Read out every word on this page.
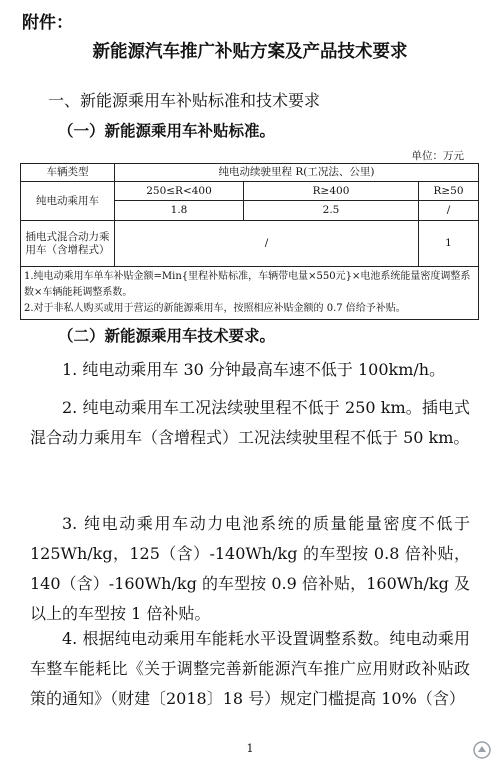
附件：
新能源汽车推广补贴方案及产品技术要求
一、新能源乘用车补贴标准和技术要求
（一）新能源乘用车补贴标准。
单位：万元
车辆类型	纯电动续驶里程 R(工况法、公里)		
纯电动乘用车	250≤R<400	R≥400	R≥50
	1.8	2.5	/
插电式混合动力乘用车（含增程式）	/		1

1.纯电动乘用车单车补贴金额=Min{里程补贴标准，车辆带电量×550元}×电池系统能量密度调整系数×车辆能耗调整系数。
2.对于非私人购买或用于营运的新能源乘用车，按照相应补贴金额的 0.7 倍给予补贴。			
（二）新能源乘用车技术要求。
1. 纯电动乘用车 30 分钟最高车速不低于 100km/h。
2. 纯电动乘用车工况法续驶里程不低于 250 km。插电式混合动力乘用车（含增程式）工况法续驶里程不低于 50 km。
3. 纯电动乘用车动力电池系统的质量能量密度不低于 125Wh/kg，125（含）-140Wh/kg 的车型按 0.8 倍补贴，140（含）-160Wh/kg 的车型按 0.9 倍补贴，160Wh/kg 及以上的车型按 1 倍补贴。
4. 根据纯电动乘用车能耗水平设置调整系数。纯电动乘用车整车能耗比《关于调整完善新能源汽车推广应用财政补贴政策的通知》（财建〔2018〕18 号）规定门槛提高 10%（含）
1
